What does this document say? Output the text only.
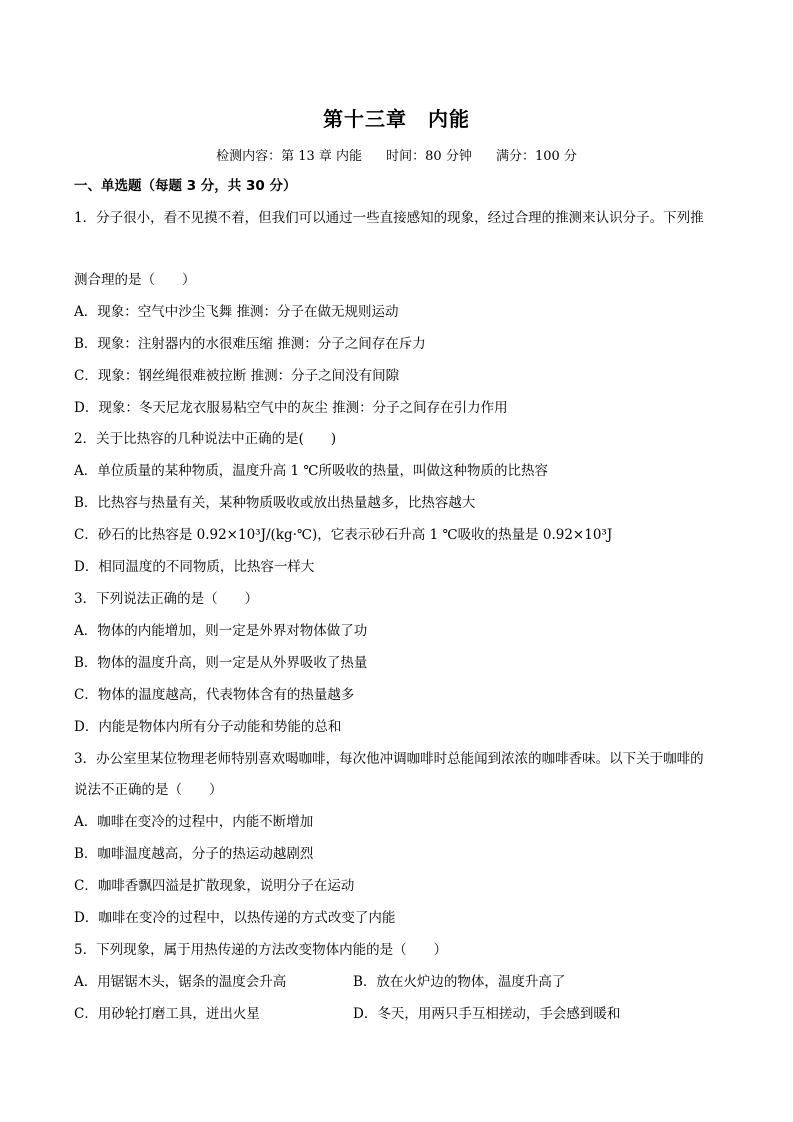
第十三章　内能
检测内容：第 13 章 内能 时间：80 分钟 满分：100 分
一、单选题（每题 3 分，共 30 分）
1．分子很小，看不见摸不着，但我们可以通过一些直接感知的现象，经过合理的推测来认识分子。下列推
测合理的是（　　）
A．现象：空气中沙尘飞舞 推测：分子在做无规则运动
B．现象：注射器内的水很难压缩 推测：分子之间存在斥力
C．现象：钢丝绳很难被拉断 推测：分子之间没有间隙
D．现象：冬天尼龙衣服易粘空气中的灰尘 推测：分子之间存在引力作用
2．关于比热容的几种说法中正确的是(　　)
A．单位质量的某种物质，温度升高 1 ℃所吸收的热量，叫做这种物质的比热容
B．比热容与热量有关，某种物质吸收或放出热量越多，比热容越大
C．砂石的比热容是 0.92×10³J/(kg·℃)，它表示砂石升高 1 ℃吸收的热量是 0.92×10³J
D．相同温度的不同物质，比热容一样大
3．下列说法正确的是（　　）
A．物体的内能增加，则一定是外界对物体做了功
B．物体的温度升高，则一定是从外界吸收了热量
C．物体的温度越高，代表物体含有的热量越多
D．内能是物体内所有分子动能和势能的总和
3．办公室里某位物理老师特别喜欢喝咖啡，每次他冲调咖啡时总能闻到浓浓的咖啡香味。以下关于咖啡的
说法不正确的是（　　）
A．咖啡在变冷的过程中，内能不断增加
B．咖啡温度越高，分子的热运动越剧烈
C．咖啡香飘四溢是扩散现象，说明分子在运动
D．咖啡在变冷的过程中，以热传递的方式改变了内能
5．下列现象，属于用热传递的方法改变物体内能的是（　　）
A．用锯锯木头，锯条的温度会升高	B．放在火炉边的物体，温度升高了
C．用砂轮打磨工具，迸出火星	D．冬天，用两只手互相搓动，手会感到暖和
